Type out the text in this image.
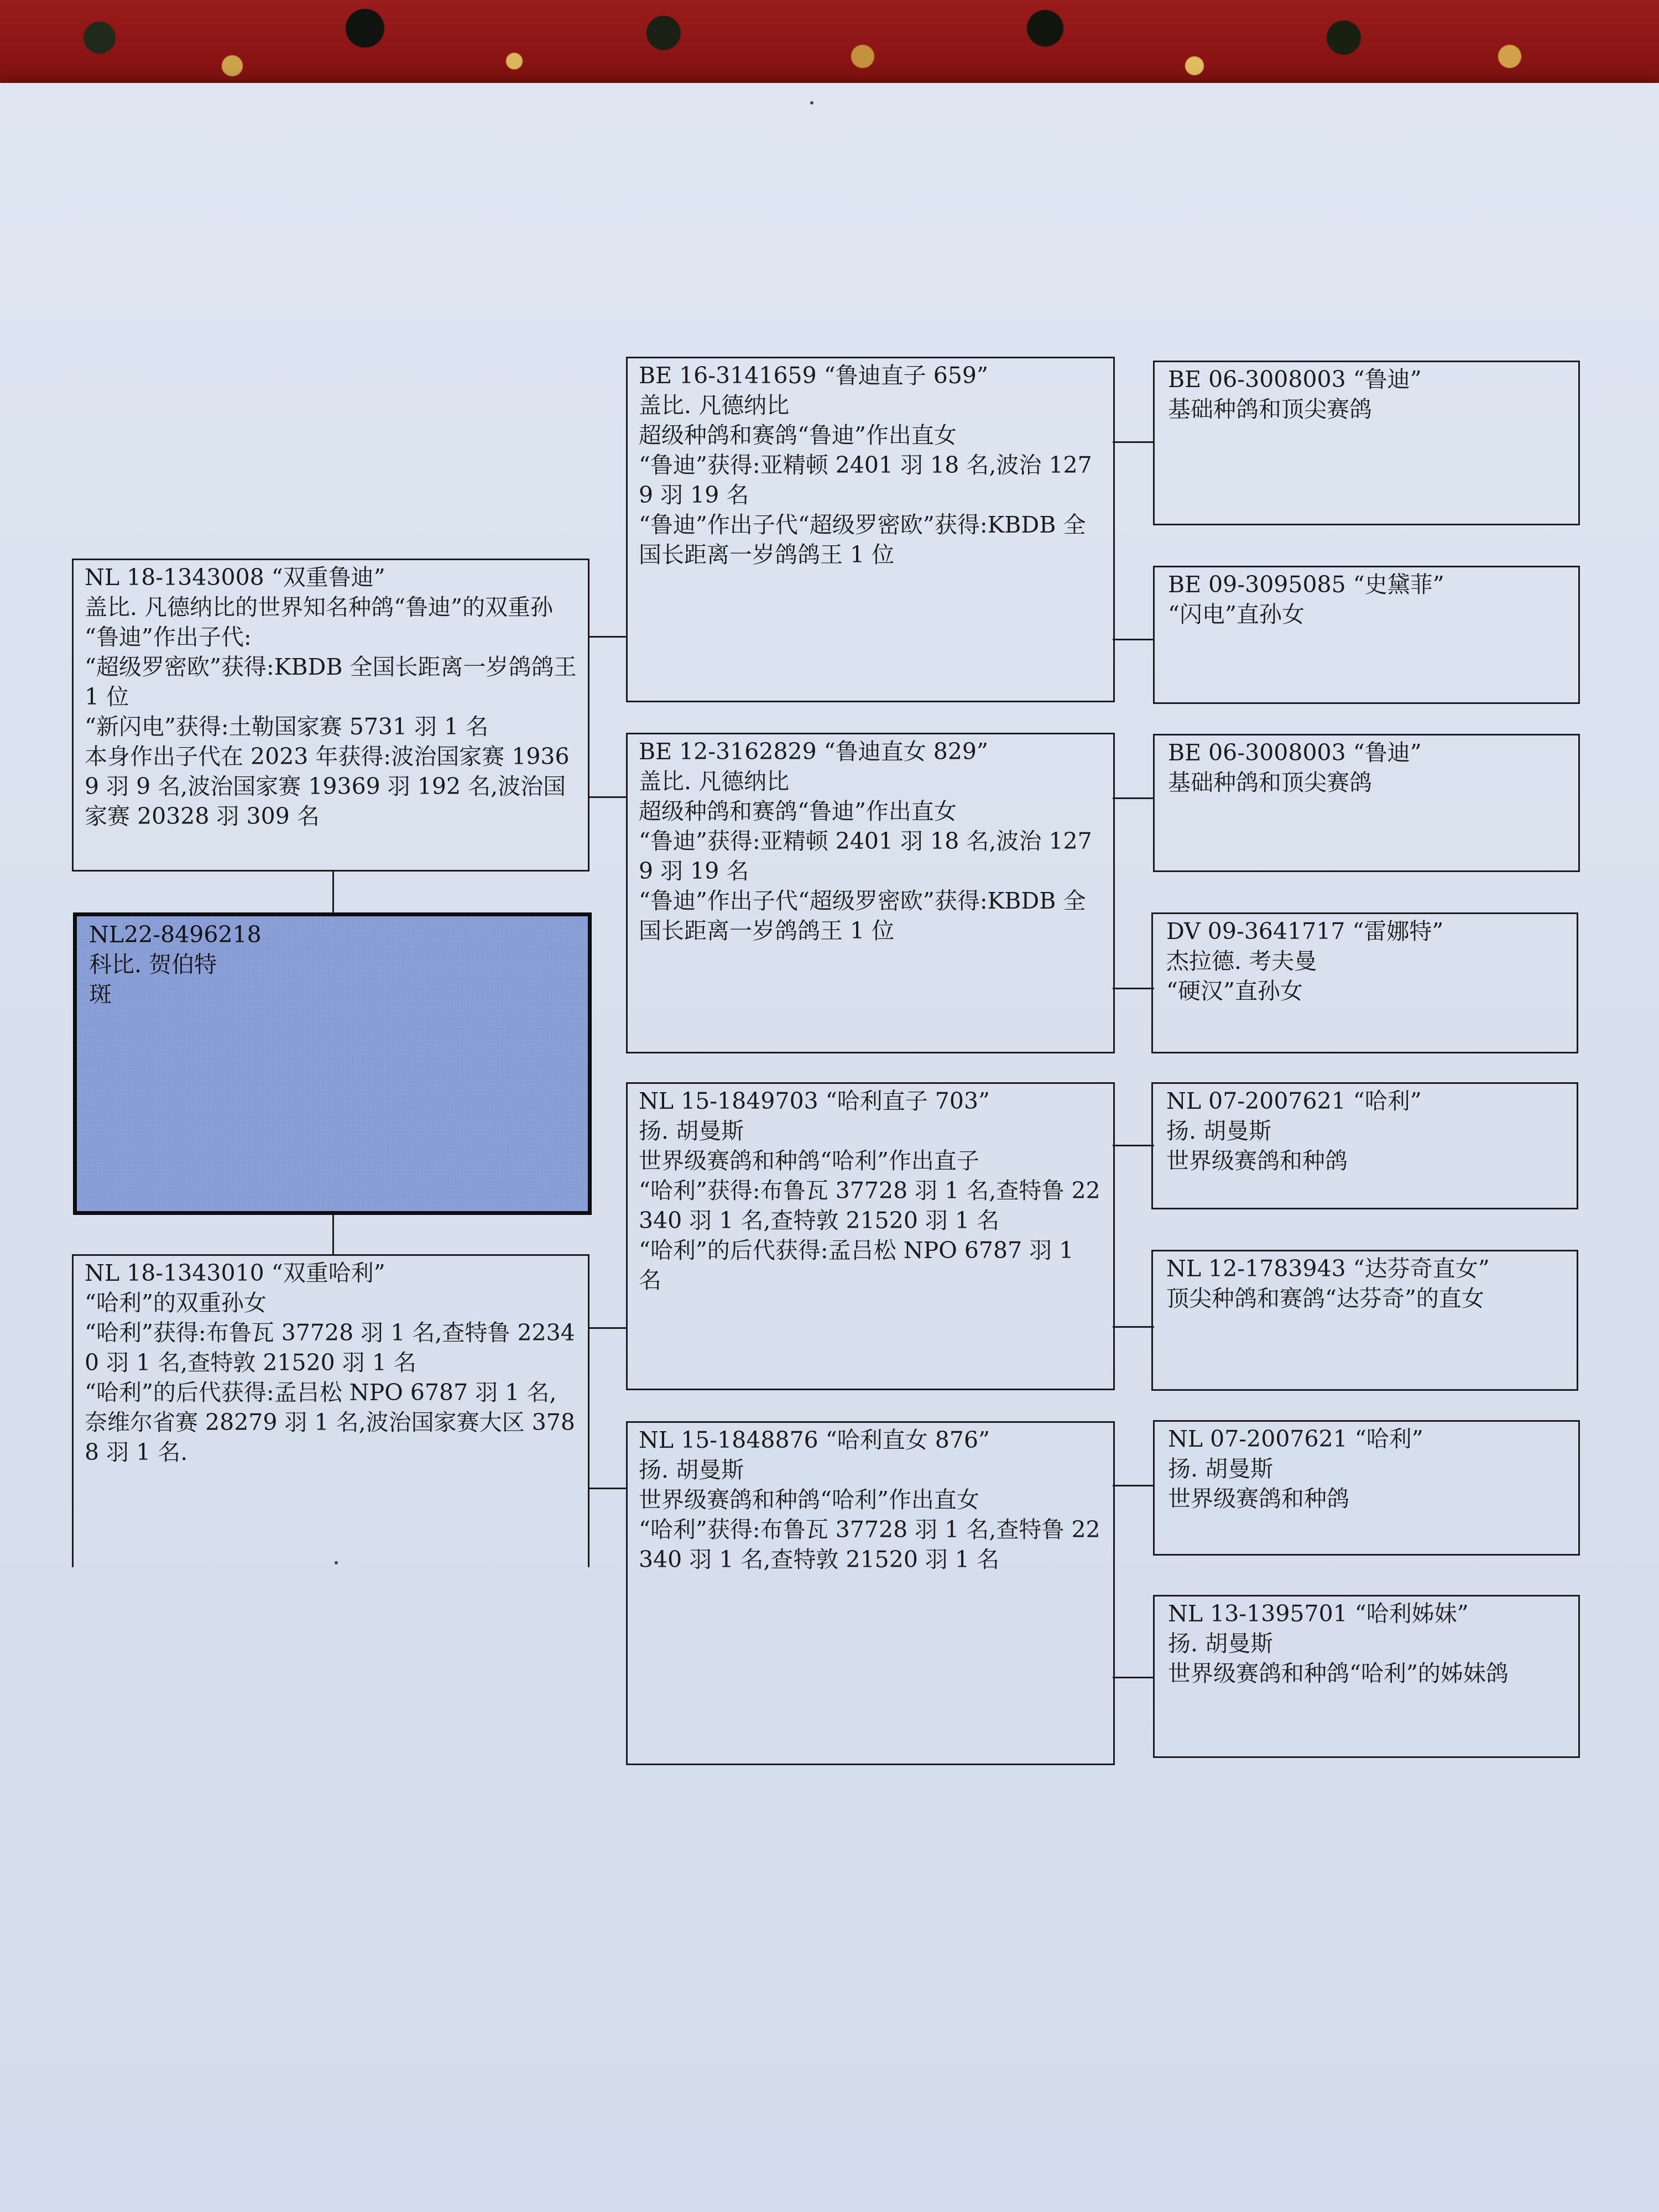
NL 18-1343008 “双重鲁迪”
盖比. 凡德纳比的世界知名种鸽“鲁迪”的双重孙
“鲁迪”作出子代:
“超级罗密欧”获得:KBDB 全国长距离一岁鸽鸽王 1 位
“新闪电”获得:土勒国家赛 5731 羽 1 名
本身作出子代在 2023 年获得:波治国家赛 19369 羽 9 名,波治国家赛 19369 羽 192 名,波治国家赛 20328 羽 309 名
NL22-8496218
科比. 贺伯特
斑
NL 18-1343010 “双重哈利”
“哈利”的双重孙女
“哈利”获得:布鲁瓦 37728 羽 1 名,查特鲁 22340 羽 1 名,查特敦 21520 羽 1 名
“哈利”的后代获得:孟吕松 NPO 6787 羽 1 名,奈维尔省赛 28279 羽 1 名,波治国家赛大区 3788 羽 1 名.
BE 16-3141659 “鲁迪直子 659”
盖比. 凡德纳比
超级种鸽和赛鸽“鲁迪”作出直女
“鲁迪”获得:亚精顿 2401 羽 18 名,波治 1279 羽 19 名
“鲁迪”作出子代“超级罗密欧”获得:KBDB 全国长距离一岁鸽鸽王 1 位
BE 12-3162829 “鲁迪直女 829”
盖比. 凡德纳比
超级种鸽和赛鸽“鲁迪”作出直女
“鲁迪”获得:亚精顿 2401 羽 18 名,波治 1279 羽 19 名
“鲁迪”作出子代“超级罗密欧”获得:KBDB 全国长距离一岁鸽鸽王 1 位
NL 15-1849703 “哈利直子 703”
扬. 胡曼斯
世界级赛鸽和种鸽“哈利”作出直子
“哈利”获得:布鲁瓦 37728 羽 1 名,查特鲁 22340 羽 1 名,查特敦 21520 羽 1 名
“哈利”的后代获得:孟吕松 NPO 6787 羽 1 名
NL 15-1848876 “哈利直女 876”
扬. 胡曼斯
世界级赛鸽和种鸽“哈利”作出直女
“哈利”获得:布鲁瓦 37728 羽 1 名,查特鲁 22340 羽 1 名,查特敦 21520 羽 1 名
BE 06-3008003 “鲁迪”
基础种鸽和顶尖赛鸽
BE 09-3095085 “史黛菲”
“闪电”直孙女
BE 06-3008003 “鲁迪”
基础种鸽和顶尖赛鸽
DV 09-3641717 “雷娜特”
杰拉德. 考夫曼
“硬汉”直孙女
NL 07-2007621 “哈利”
扬. 胡曼斯
世界级赛鸽和种鸽
NL 12-1783943 “达芬奇直女”
顶尖种鸽和赛鸽“达芬奇”的直女
NL 07-2007621 “哈利”
扬. 胡曼斯
世界级赛鸽和种鸽
NL 13-1395701 “哈利姊妹”
扬. 胡曼斯
世界级赛鸽和种鸽“哈利”的姊妹鸽
